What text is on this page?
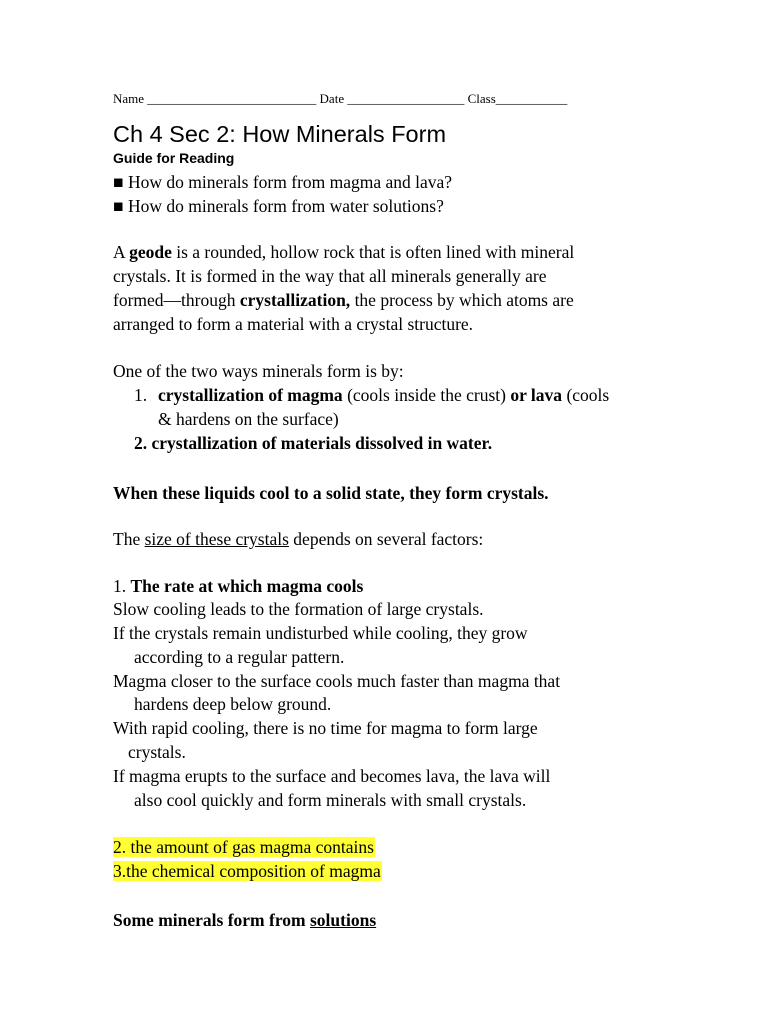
Name __________________________ Date __________________ Class___________
Ch 4 Sec 2: How Minerals Form
Guide for Reading
■ How do minerals form from magma and lava?
■ How do minerals form from water solutions?
A geode is a rounded, hollow rock that is often lined with mineral
crystals. It is formed in the way that all minerals generally are
formed—through crystallization, the process by which atoms are
arranged to form a material with a crystal structure.
One of the two ways minerals form is by:
1. crystallization of magma (cools inside the crust) or lava (cools
& hardens on the surface)
2. crystallization of materials dissolved in water.
When these liquids cool to a solid state, they form crystals.
The size of these crystals depends on several factors:
1. The rate at which magma cools
Slow cooling leads to the formation of large crystals.
If the crystals remain undisturbed while cooling, they grow
according to a regular pattern.
Magma closer to the surface cools much faster than magma that
hardens deep below ground.
With rapid cooling, there is no time for magma to form large
crystals.
If magma erupts to the surface and becomes lava, the lava will
also cool quickly and form minerals with small crystals.
2. the amount of gas magma contains
3.the chemical composition of magma
Some minerals form from solutions
